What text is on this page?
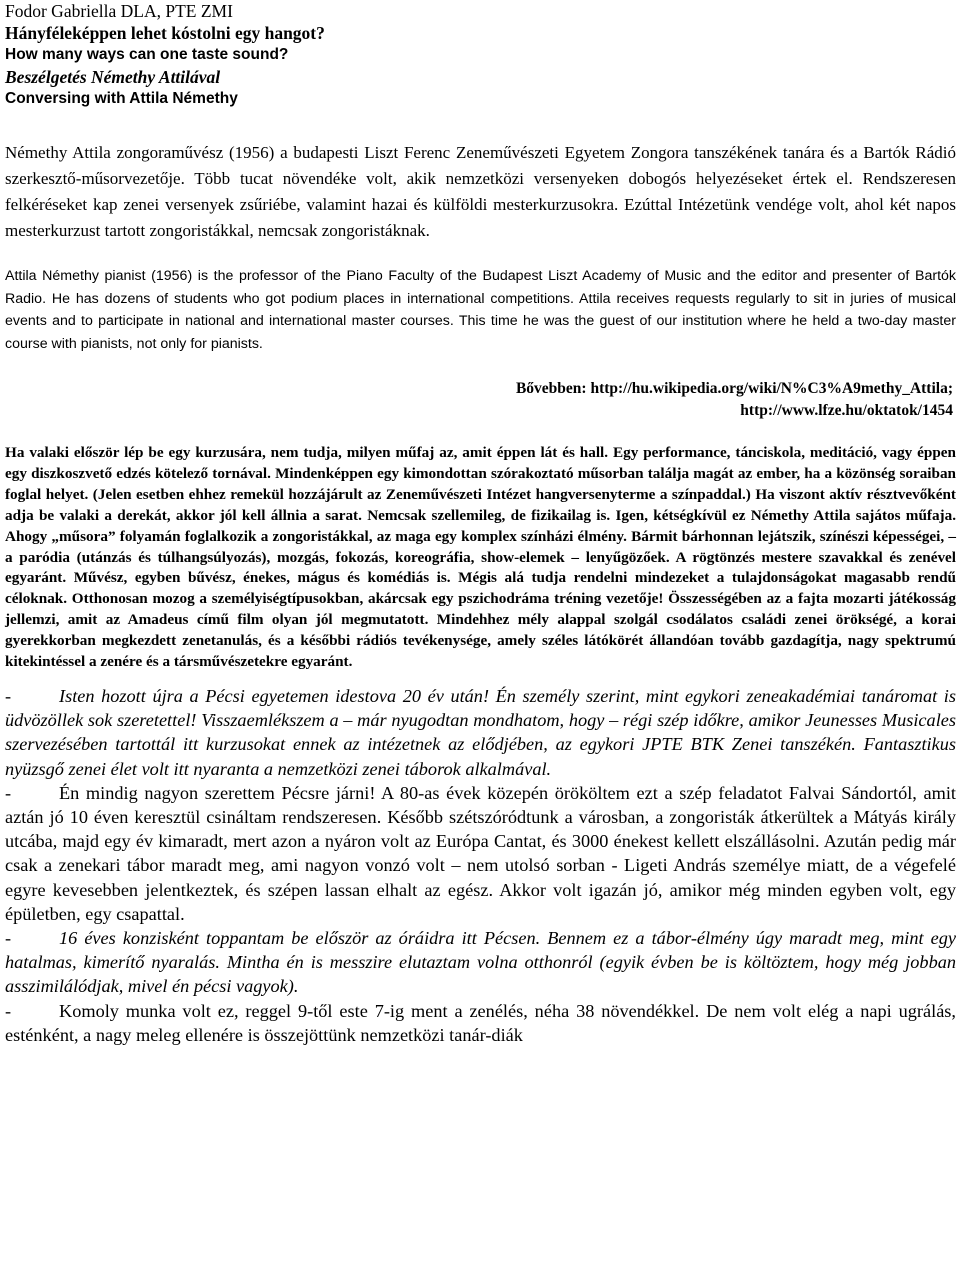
Fodor Gabriella DLA, PTE ZMI

Hányféleképpen lehet kóstolni egy hangot?

How many ways can one taste sound?

Beszélgetés Némethy Attilával

Conversing with Attila Némethy

Némethy Attila zongoraművész (1956) a budapesti Liszt Ferenc Zeneművészeti Egyetem Zongora tanszékének tanára és a Bartók Rádió szerkesztő-műsorvezetője. Több tucat növendéke volt, akik nemzetközi versenyeken dobogós helyezéseket értek el. Rendszeresen felkéréseket kap zenei versenyek zsűriébe, valamint hazai és külföldi mesterkurzusokra. Ezúttal Intézetünk vendége volt, ahol két napos mesterkurzust tartott zongoristákkal, nemcsak zongoristáknak.

Attila Némethy pianist (1956) is the professor of the Piano Faculty of the Budapest Liszt Academy of Music and the editor and presenter of Bartók Radio. He has dozens of students who got podium places in international competitions. Attila receives requests regularly to sit in juries of musical events and to participate in national and international master courses. This time he was the guest of our institution where he held a two-day master course with pianists, not only for pianists.

Bővebben: http://hu.wikipedia.org/wiki/N%C3%A9methy_Attila;
http://www.lfze.hu/oktatok/1454

Ha valaki először lép be egy kurzusára, nem tudja, milyen műfaj az, amit éppen lát és hall. Egy performance, tánciskola, meditáció, vagy éppen egy diszkoszvető edzés kötelező tornával. Mindenképpen egy kimondottan szórakoztató műsorban találja magát az ember, ha a közönség soraiban foglal helyet. (Jelen esetben ehhez remekül hozzájárult az Zeneművészeti Intézet hangversenyterme a színpaddal.) Ha viszont aktív résztvevőként adja be valaki a derekát, akkor jól kell állnia a sarat. Nemcsak szellemileg, de fizikailag is. Igen, kétségkívül ez Némethy Attila sajátos műfaja. Ahogy „műsora” folyamán foglalkozik a zongoristákkal, az maga egy komplex színházi élmény. Bármit bárhonnan lejátszik, színészi képességei, – a paródia (utánzás és túlhangsúlyozás), mozgás, fokozás, koreográfia, show-elemek – lenyűgözőek. A rögtönzés mestere szavakkal és zenével egyaránt. Művész, egyben bűvész, énekes, mágus és komédiás is. Mégis alá tudja rendelni mindezeket a tulajdonságokat magasabb rendű céloknak. Otthonosan mozog a személyiségtípusokban, akárcsak egy pszichodráma tréning vezetője! Összességében az a fajta mozarti játékosság jellemzi, amit az Amadeus című film olyan jól megmutatott. Mindehhez mély alappal szolgál csodálatos családi zenei örökségé, a korai gyerekkorban megkezdett zenetanulás, és a későbbi rádiós tevékenysége, amely széles látókörét állandóan tovább gazdagítja, nagy spektrumú kitekintéssel a zenére és a társművészetekre egyaránt.

-	Isten hozott újra a Pécsi egyetemen idestova 20 év után! Én személy szerint, mint egykori zeneakadémiai tanáromat is üdvözöllek sok szeretettel! Visszaemlékszem a – már nyugodtan mondhatom, hogy – régi szép időkre, amikor Jeunesses Musicales szervezésében tartottál itt kurzusokat ennek az intézetnek az elődjében, az egykori JPTE BTK Zenei tanszékén. Fantasztikus nyüzsgő zenei élet volt itt nyaranta a nemzetközi zenei táborok alkalmával.

-	Én mindig nagyon szerettem Pécsre járni! A 80-as évek közepén örököltem ezt a szép feladatot Falvai Sándortól, amit aztán jó 10 éven keresztül csináltam rendszeresen. Később szétszóródtunk a városban, a zongoristák átkerültek a Mátyás király utcába, majd egy év kimaradt, mert azon a nyáron volt az Európa Cantat, és 3000 énekest kellett elszállásolni. Azután pedig már csak a zenekari tábor maradt meg, ami nagyon vonzó volt – nem utolsó sorban - Ligeti András személye miatt, de a végefelé egyre kevesebben jelentkeztek, és szépen lassan elhalt az egész. Akkor volt igazán jó, amikor még minden egyben volt, egy épületben, egy csapattal.

-	16 éves konzisként toppantam be először az óráidra itt Pécsen. Bennem ez a tábor-élmény úgy maradt meg, mint egy hatalmas, kimerítő nyaralás. Mintha én is messzire elutaztam volna otthonról (egyik évben be is költöztem, hogy még jobban asszimilálódjak, mivel én pécsi vagyok).

-	Komoly munka volt ez, reggel 9-től este 7-ig ment a zenélés, néha 38 növendékkel. De nem volt elég a napi ugrálás, esténként, a nagy meleg ellenére is összejöttünk nemzetközi tanár-diák
